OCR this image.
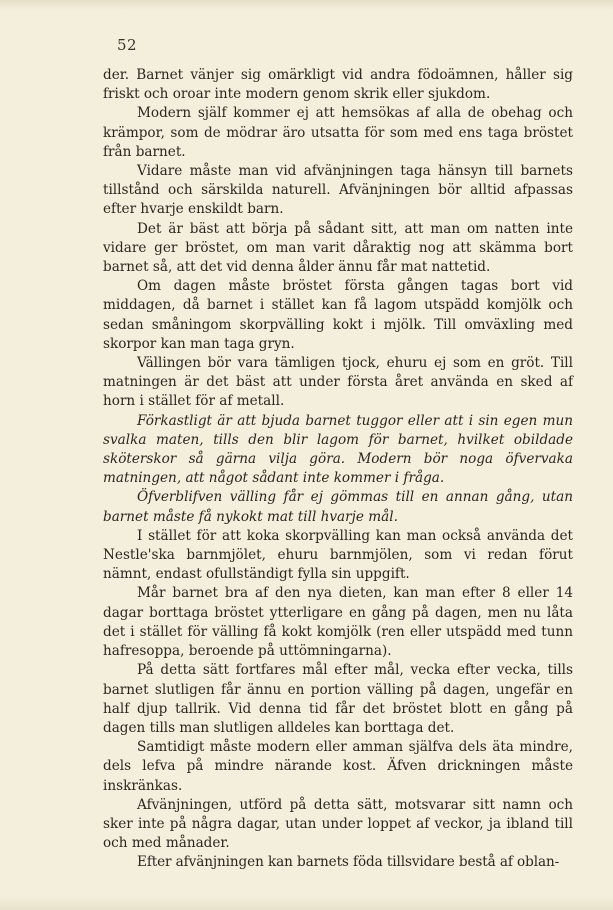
52

der. Barnet vänjer sig omärkligt vid andra födoämnen, håller sig friskt och oroar inte modern genom skrik eller sjukdom.

Modern själf kommer ej att hemsökas af alla de obehag och krämpor, som de mödrar äro utsatta för som med ens taga bröstet från barnet.

Vidare måste man vid afvänjningen taga hänsyn till barnets tillstånd och särskilda naturell. Afvänjningen bör alltid afpassas efter hvarje enskildt barn.

Det är bäst att börja på sådant sitt, att man om natten inte vidare ger bröstet, om man varit dåraktig nog att skämma bort barnet så, att det vid denna ålder ännu får mat nattetid.

Om dagen måste bröstet första gången tagas bort vid middagen, då barnet i stället kan få lagom utspädd komjölk och sedan småningom skorpvälling kokt i mjölk. Till omväxling med skorpor kan man taga gryn.

Vällingen bör vara tämligen tjock, ehuru ej som en gröt. Till matningen är det bäst att under första året använda en sked af horn i stället för af metall.

Förkastligt är att bjuda barnet tuggor eller att i sin egen mun svalka maten, tills den blir lagom för barnet, hvilket obildade sköterskor så gärna vilja göra. Modern bör noga öfvervaka matningen, att något sådant inte kommer i fråga.

Öfverblifven välling får ej gömmas till en annan gång, utan barnet måste få nykokt mat till hvarje mål.

I stället för att koka skorpvälling kan man också använda det Nestle'ska barnmjölet, ehuru barnmjölen, som vi redan förut nämnt, endast ofullständigt fylla sin uppgift.

Mår barnet bra af den nya dieten, kan man efter 8 eller 14 dagar borttaga bröstet ytterligare en gång på dagen, men nu låta det i stället för välling få kokt komjölk (ren eller utspädd med tunn hafresoppa, beroende på uttömningarna).

På detta sätt fortfares mål efter mål, vecka efter vecka, tills barnet slutligen får ännu en portion välling på dagen, ungefär en half djup tallrik. Vid denna tid får det bröstet blott en gång på dagen tills man slutligen alldeles kan borttaga det.

Samtidigt måste modern eller amman själfva dels äta mindre, dels lefva på mindre närande kost. Äfven drickningen måste inskränkas.

Afvänjningen, utförd på detta sätt, motsvarar sitt namn och sker inte på några dagar, utan under loppet af veckor, ja ibland till och med månader.

Efter afvänjningen kan barnets föda tillsvidare bestå af oblan-
